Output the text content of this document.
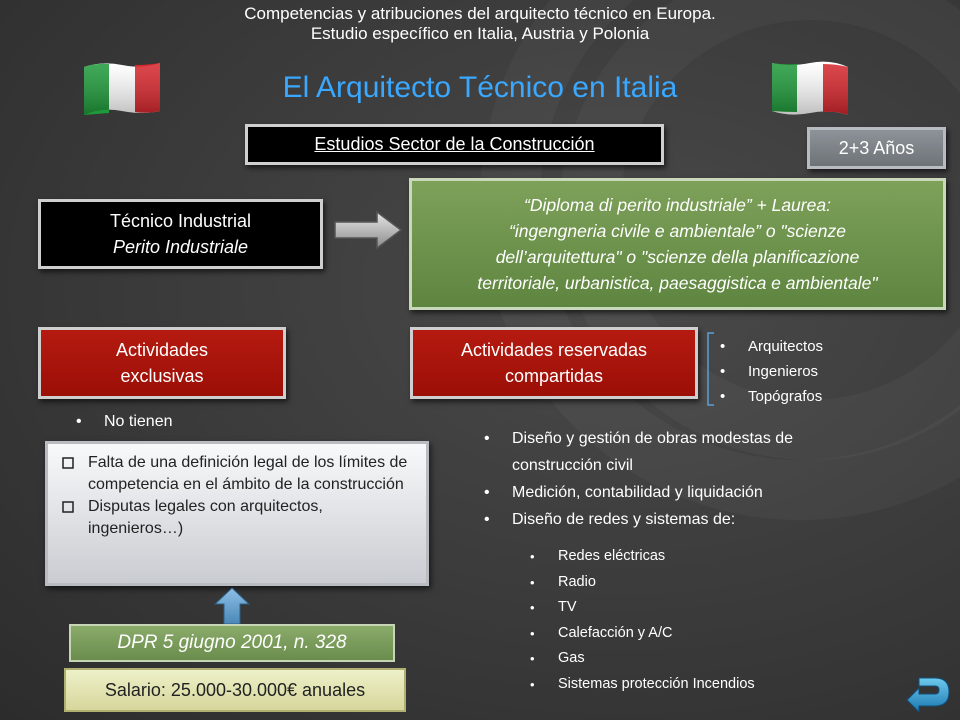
Competencias y atribuciones del arquitecto técnico en Europa.
Estudio específico en Italia, Austria y Polonia
El Arquitecto Técnico en Italia
Estudios Sector de la Construcción	2+3 Años
Técnico Industrial
Perito Industriale
“Diploma di perito industriale” + Laurea:
“ingengneria civile e ambientale” o "scienze
dell’arquitettura" o "scienze della planificazione
territoriale, urbanistica, paesaggistica e ambientale"
Actividades
exclusivas
Actividades reservadas
compartidas
• Arquitectos
• Ingenieros
• Topógrafos
• No tienen
Falta de una definición legal de los límites de competencia en el ámbito de la construcción
Disputas legales con arquitectos, ingenieros…)
DPR 5 giugno 2001, n. 328
Salario: 25.000-30.000€ anuales
• Diseño y gestión de obras modestas de construcción civil
• Medición, contabilidad y liquidación
• Diseño de redes y sistemas de:
• Redes eléctricas
• Radio
• TV
• Calefacción y A/C
• Gas
• Sistemas protección Incendios
